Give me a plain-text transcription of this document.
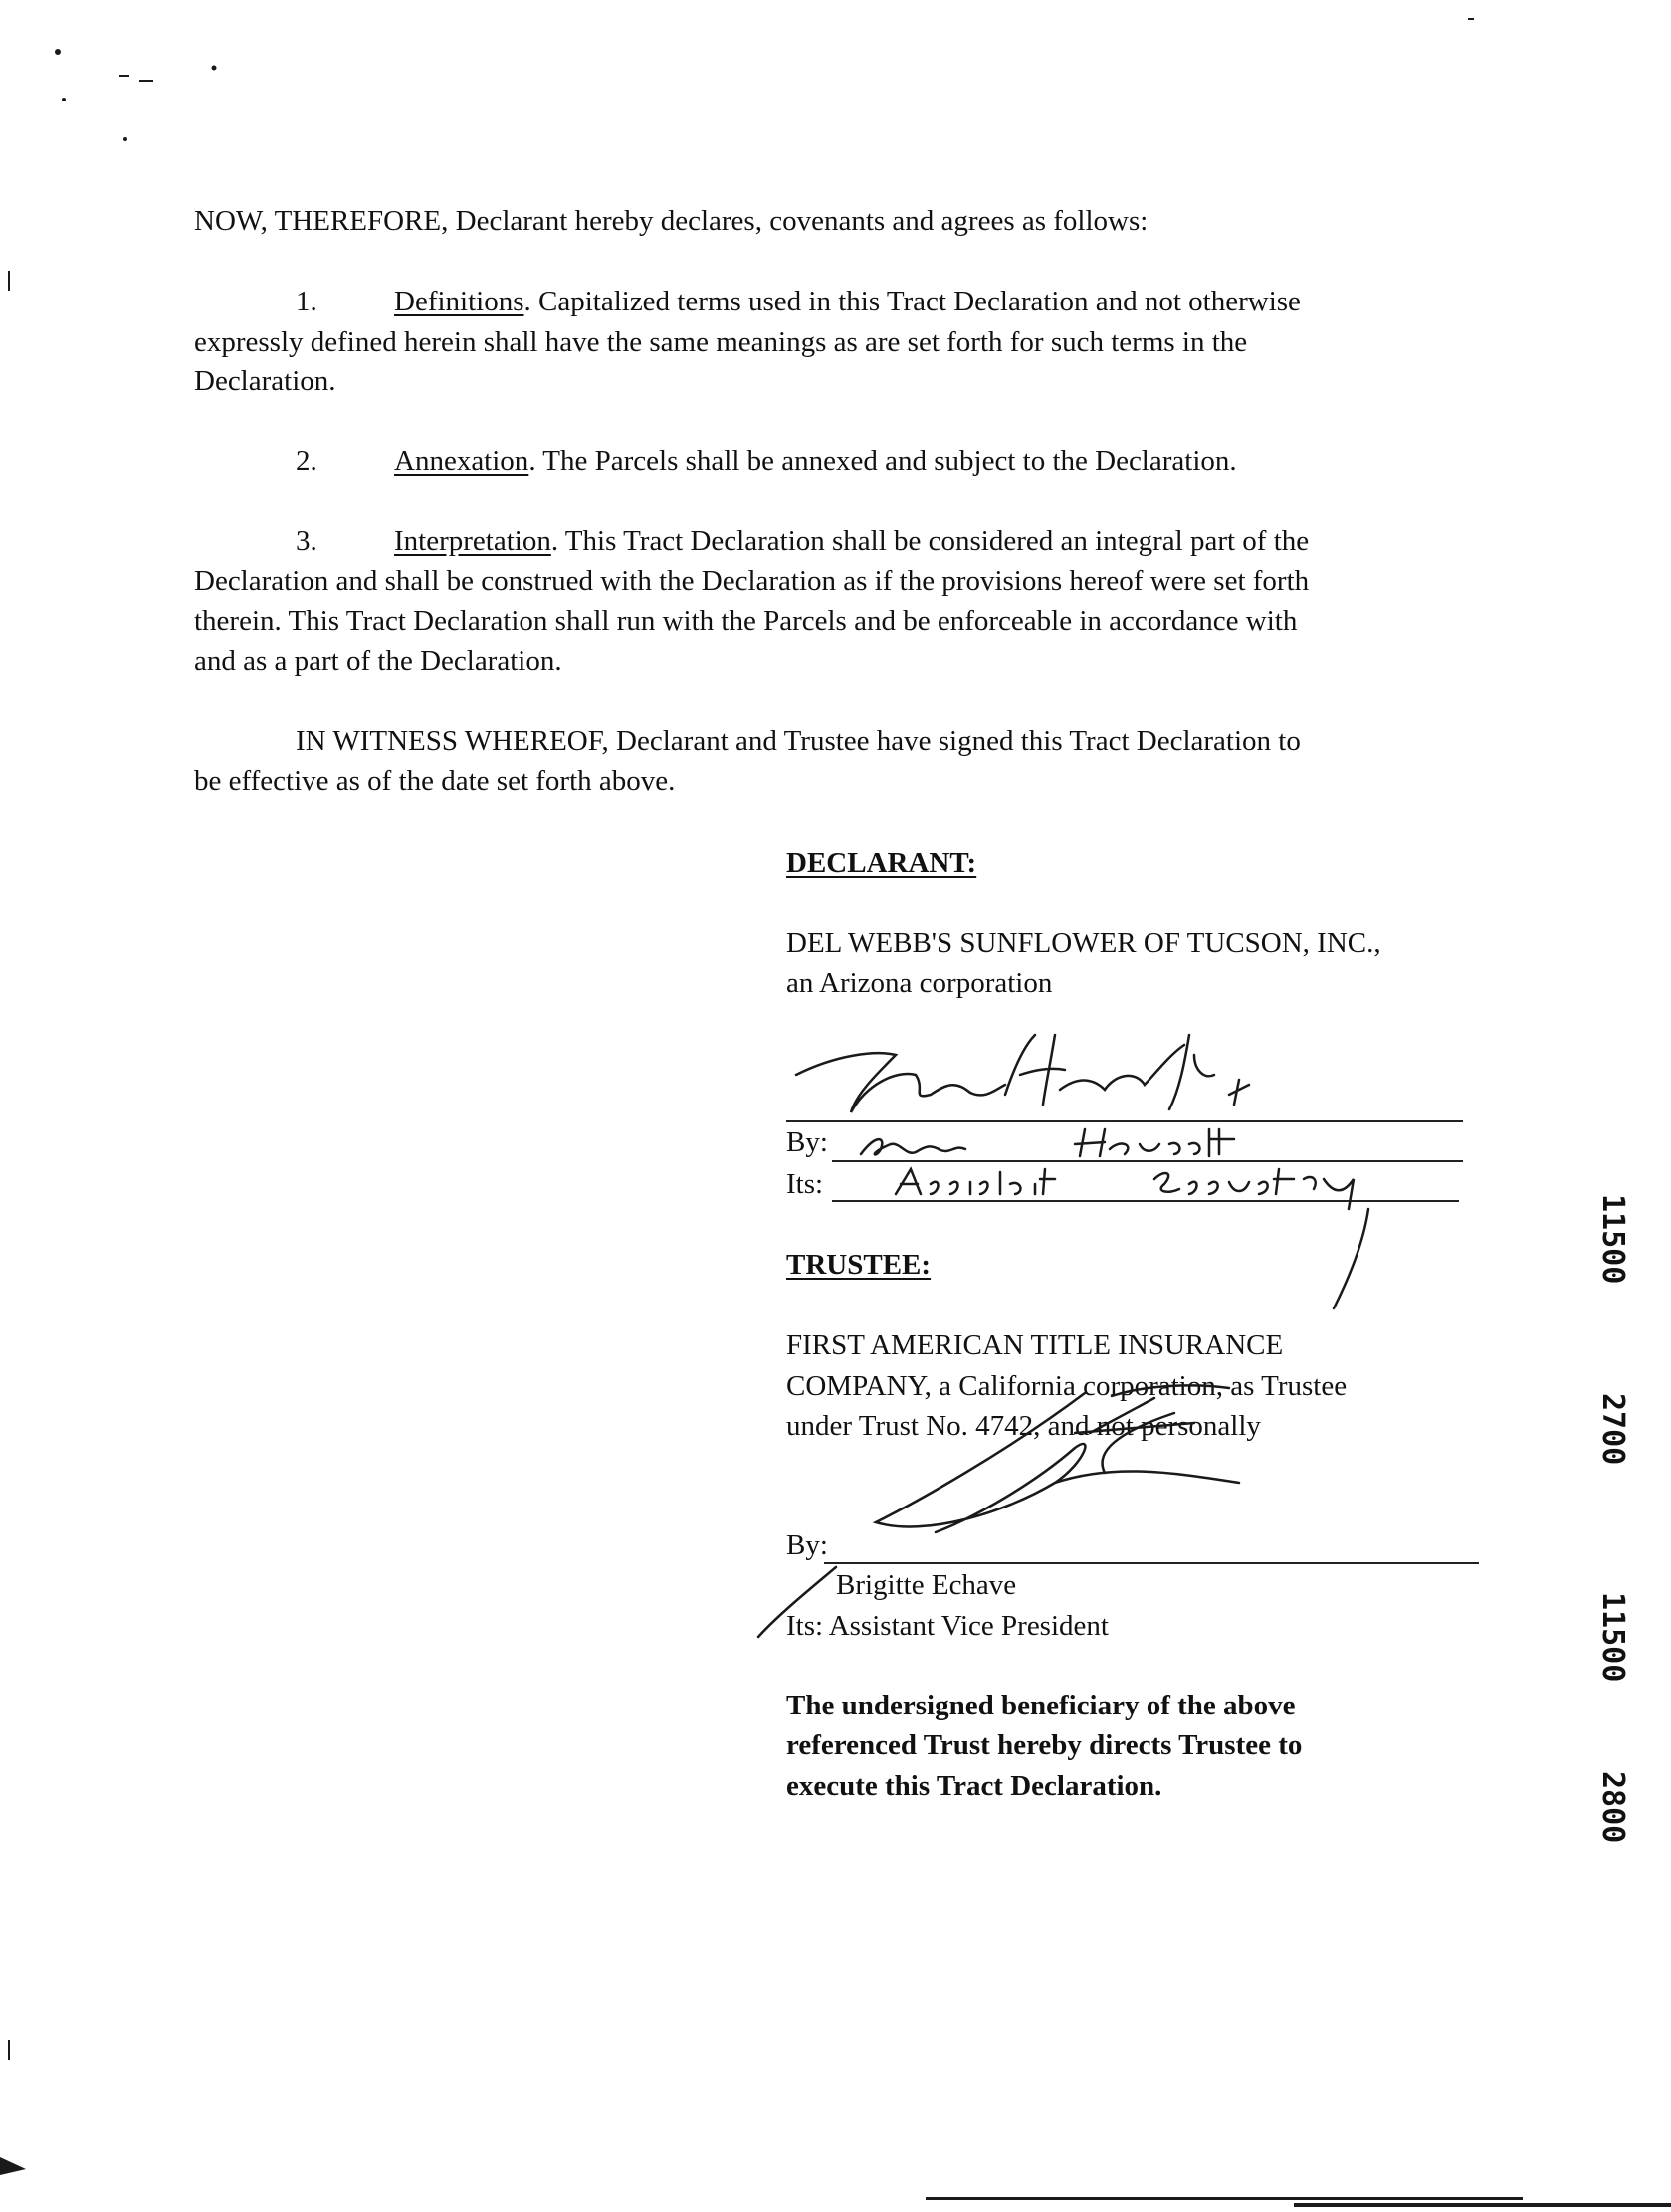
NOW, THEREFORE, Declarant hereby declares, covenants and agrees as follows:
1.	Definitions. Capitalized terms used in this Tract Declaration and not otherwise
expressly defined herein shall have the same meanings as are set forth for such terms in the
Declaration.
2.	Annexation. The Parcels shall be annexed and subject to the Declaration.
3.	Interpretation. This Tract Declaration shall be considered an integral part of the
Declaration and shall be construed with the Declaration as if the provisions hereof were set forth
therein. This Tract Declaration shall run with the Parcels and be enforceable in accordance with
and as a part of the Declaration.
IN WITNESS WHEREOF, Declarant and Trustee have signed this Tract Declaration to
be effective as of the date set forth above.
DECLARANT:
DEL WEBB'S SUNFLOWER OF TUCSON, INC.,
an Arizona corporation
By:
Its:
TRUSTEE:
FIRST AMERICAN TITLE INSURANCE
COMPANY, a California corporation, as Trustee
under Trust No. 4742, and not personally
By:
Brigitte Echave
Its: Assistant Vice President
The undersigned beneficiary of the above
referenced Trust hereby directs Trustee to
execute this Tract Declaration.
11500
2700
11500
2800
